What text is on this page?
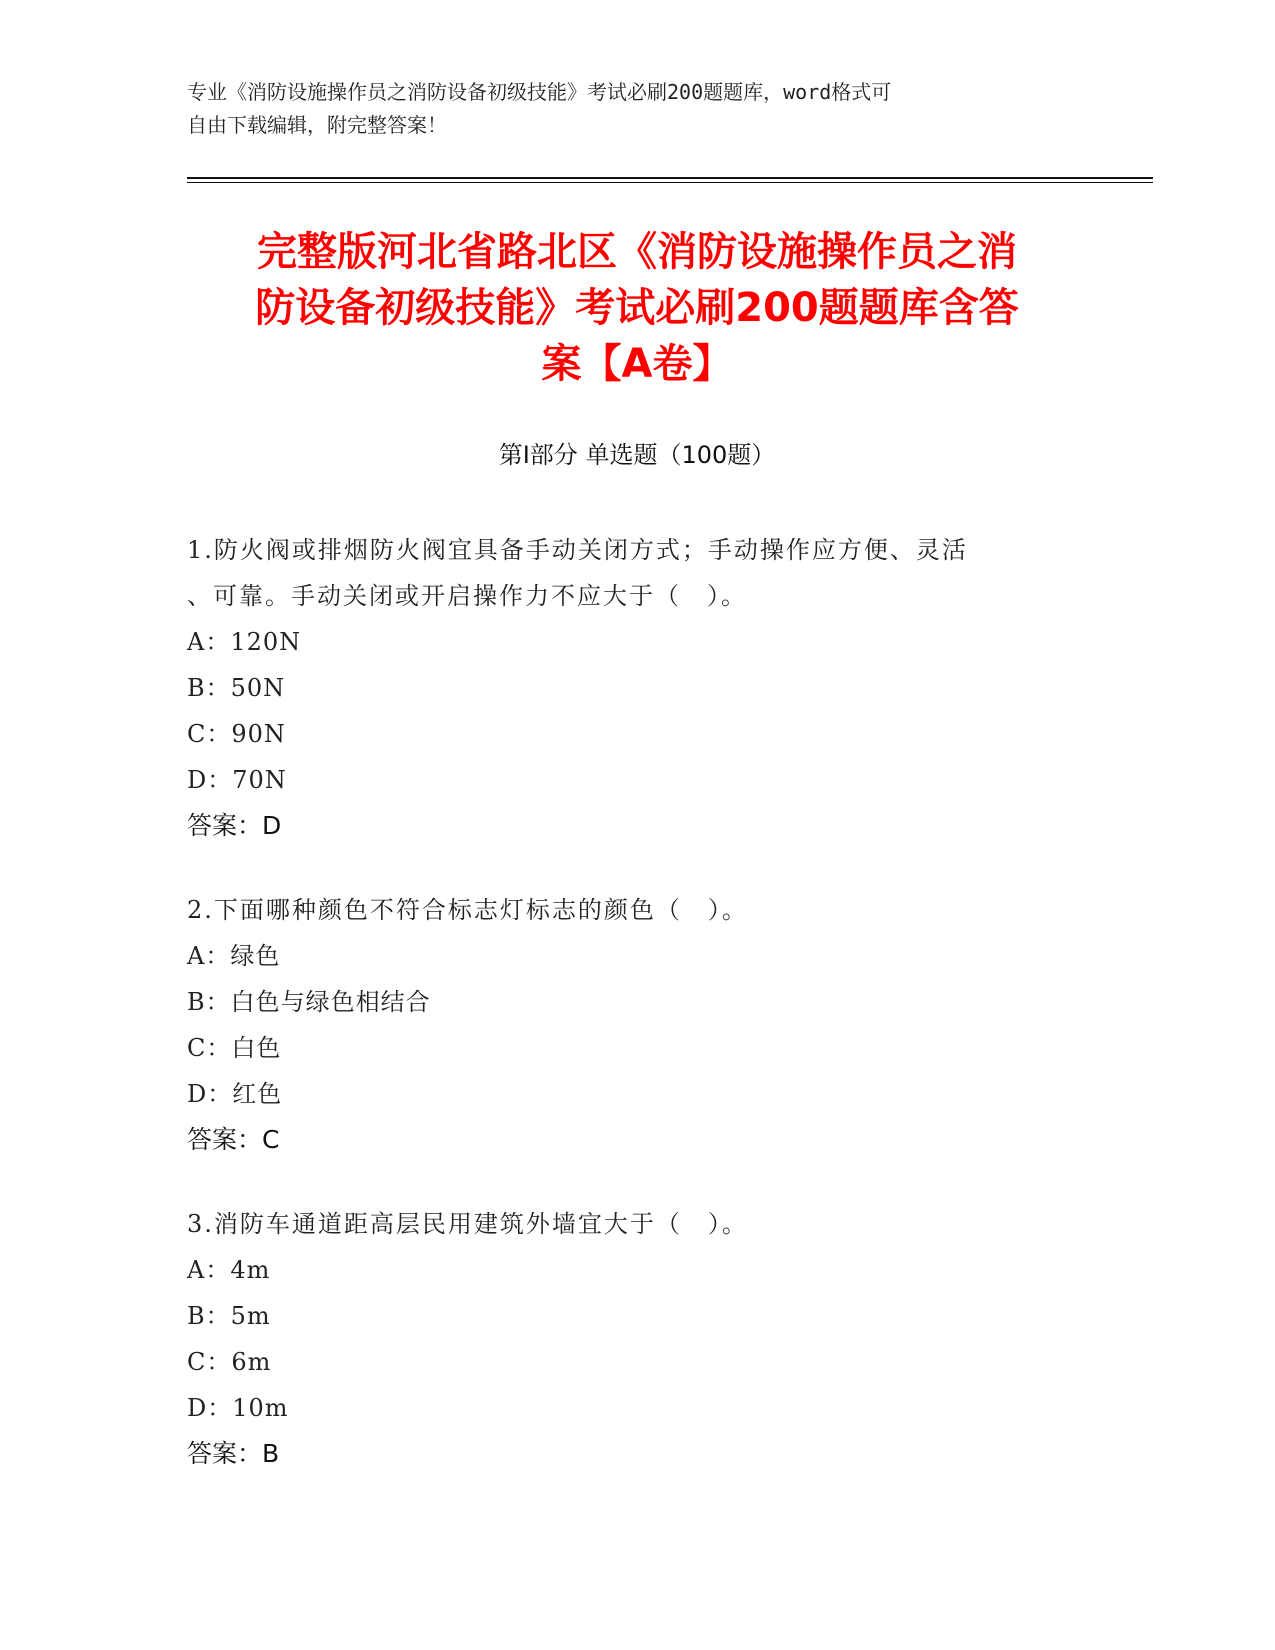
专业《消防设施操作员之消防设备初级技能》考试必刷200题题库，word格式可
自由下载编辑，附完整答案！
完整版河北省路北区《消防设施操作员之消
防设备初级技能》考试必刷200题题库含答
案【A卷】
第Ⅰ部分 单选题（100题）
1.防火阀或排烟防火阀宜具备手动关闭方式；手动操作应方便、灵活
、可靠。手动关闭或开启操作力不应大于（　）。
A：120N
B：50N
C：90N
D：70N
答案：D
2.下面哪种颜色不符合标志灯标志的颜色（　）。
A：绿色
B：白色与绿色相结合
C：白色
D：红色
答案：C
3.消防车通道距高层民用建筑外墙宜大于（　）。
A：4m
B：5m
C：6m
D：10m
答案：B
